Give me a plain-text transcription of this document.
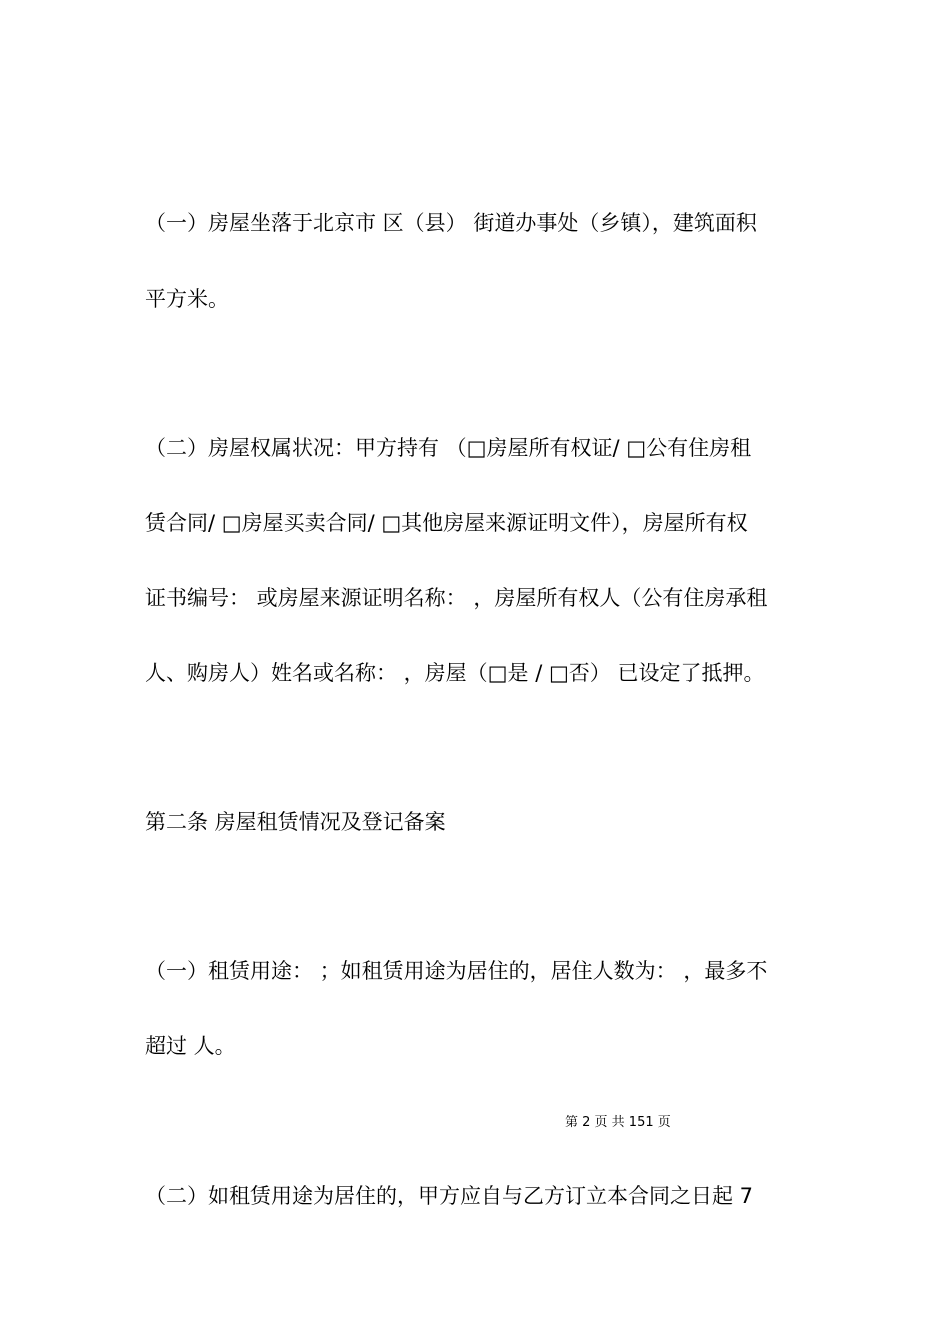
（一）房屋坐落于北京市 区（县） 街道办事处（乡镇），建筑面积
平方米。
（二）房屋权属状况：甲方持有 （□房屋所有权证/ □公有住房租
赁合同/ □房屋买卖合同/ □其他房屋来源证明文件），房屋所有权
证书编号： 或房屋来源证明名称： ，房屋所有权人（公有住房承租
人、购房人）姓名或名称： ，房屋（□是 / □否） 已设定了抵押。
第二条 房屋租赁情况及登记备案
（一）租赁用途： ；如租赁用途为居住的，居住人数为： ，最多不
超过 人。
第 2 页 共 151 页
（二）如租赁用途为居住的，甲方应自与乙方订立本合同之日起 7
